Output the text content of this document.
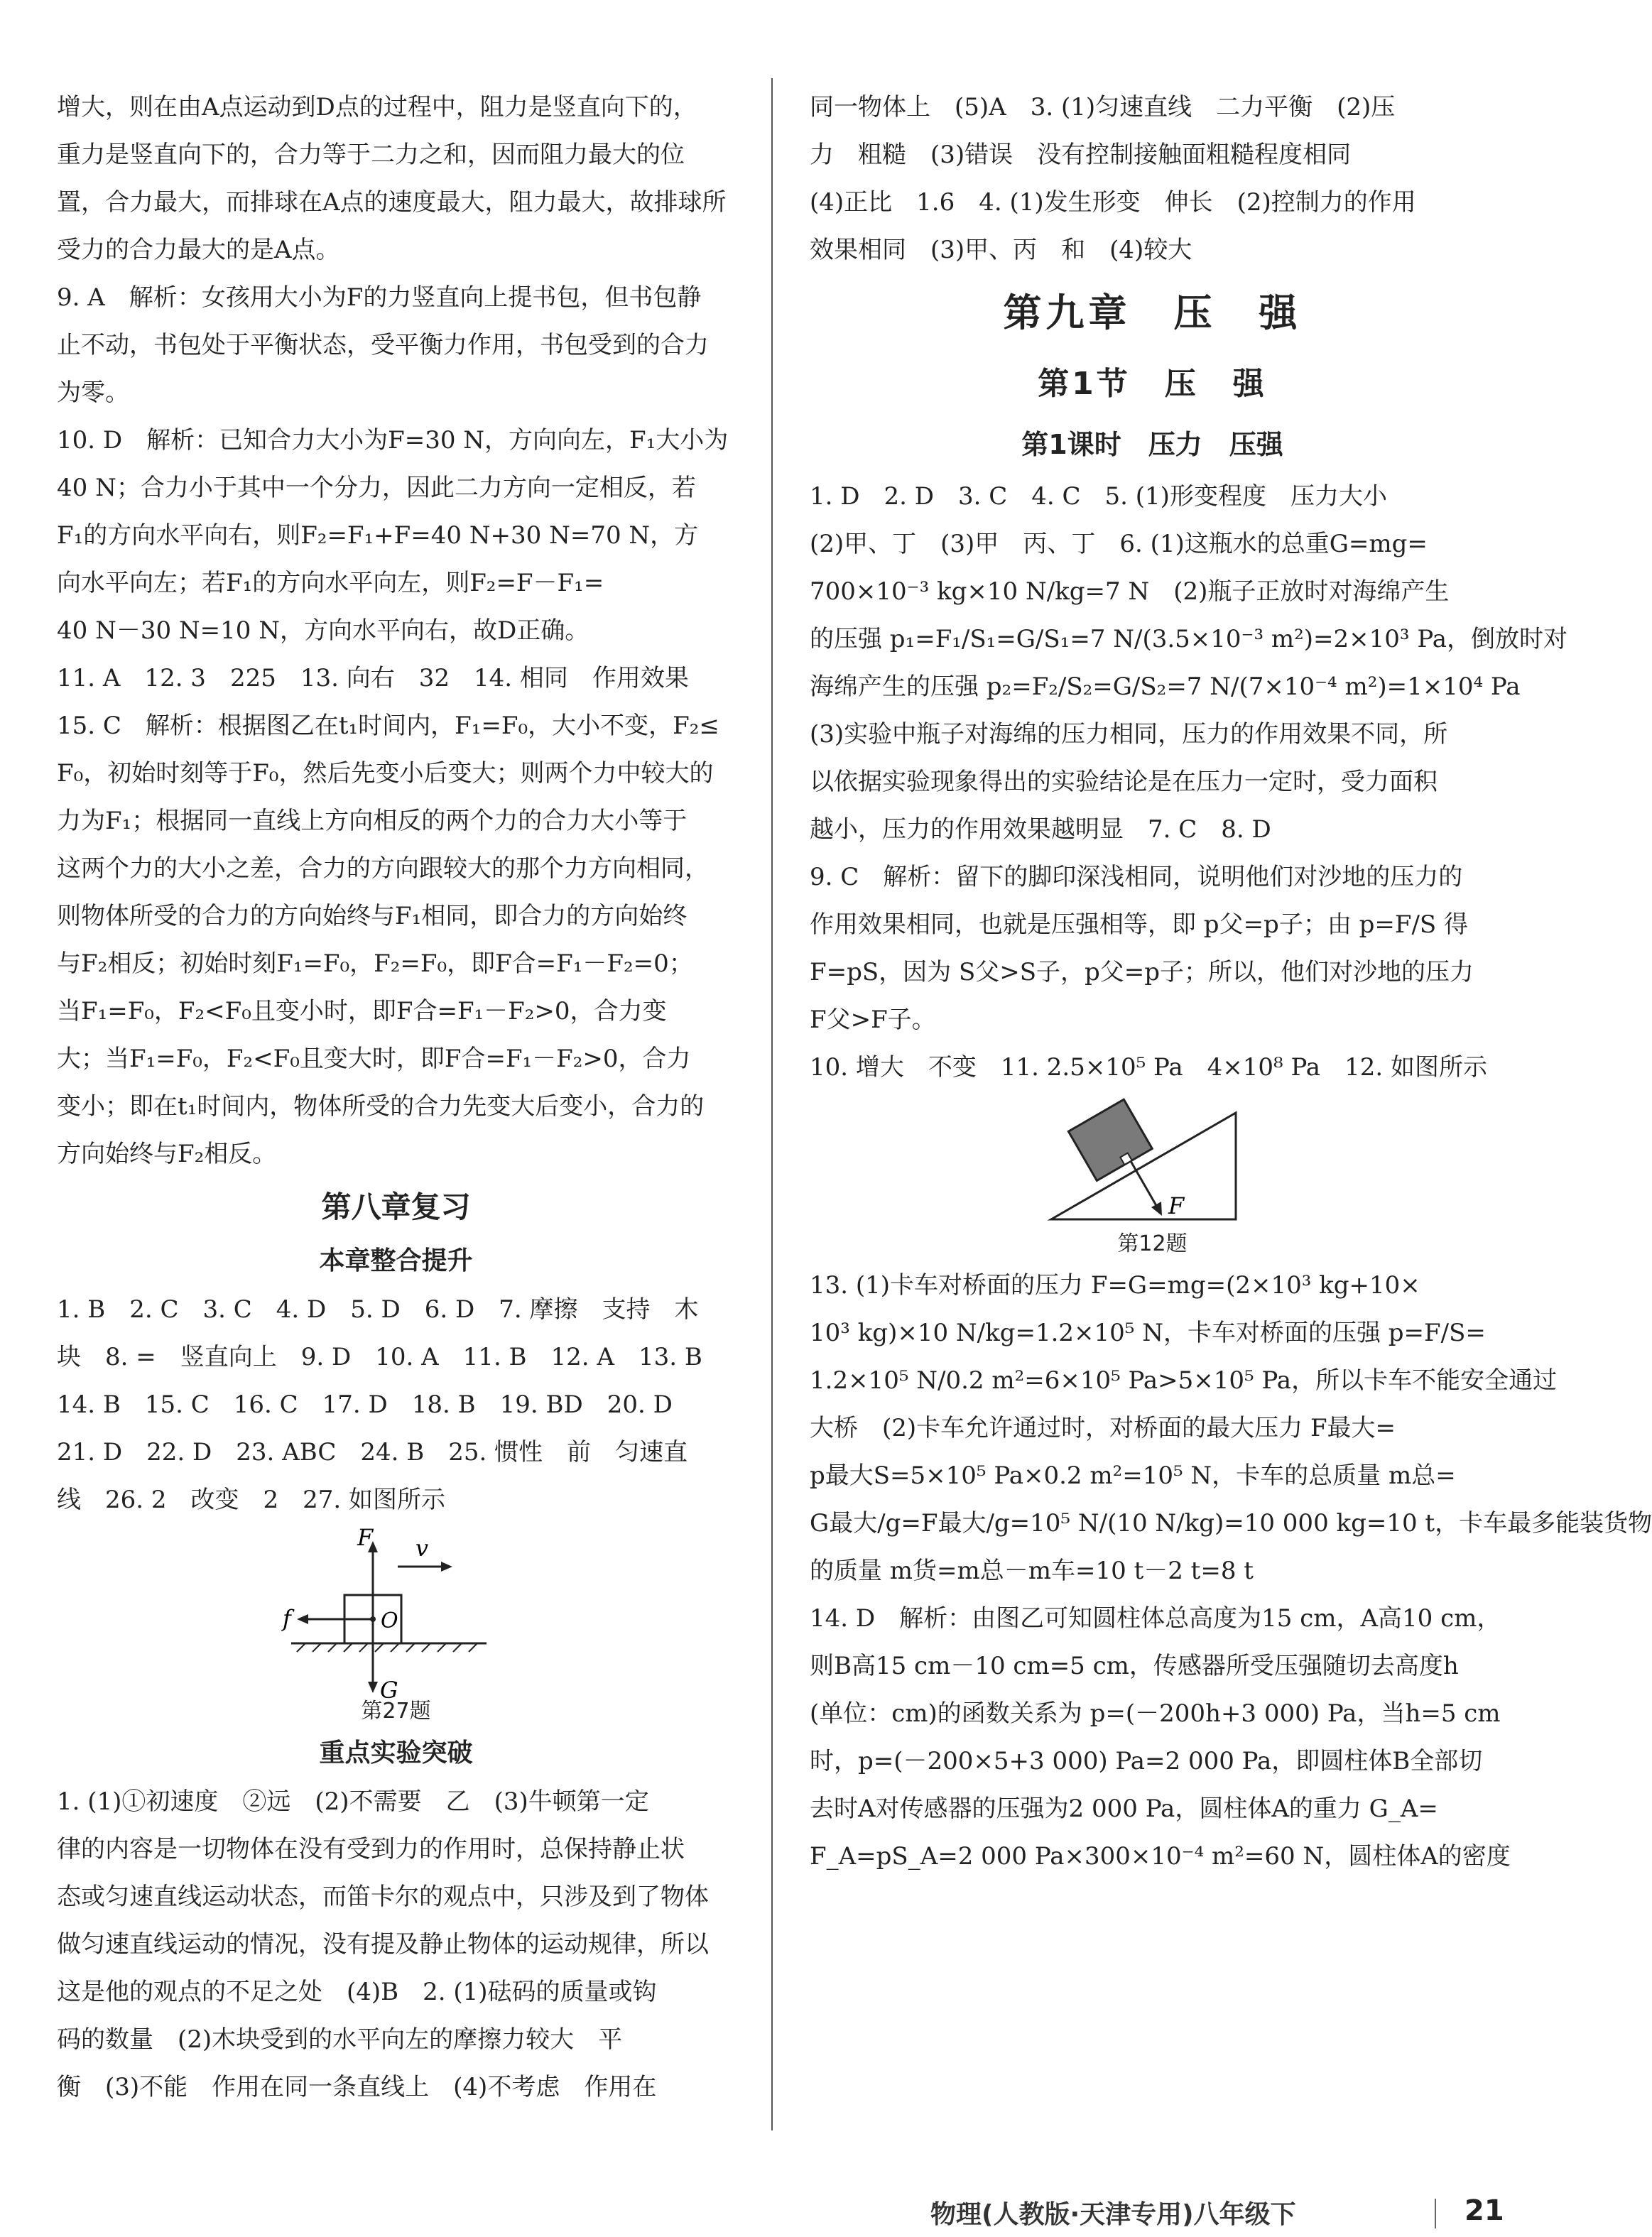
增大，则在由A点运动到D点的过程中，阻力是竖直向下的，
重力是竖直向下的，合力等于二力之和，因而阻力最大的位
置，合力最大，而排球在A点的速度最大，阻力最大，故排球所
受力的合力最大的是A点。
9. A　解析：女孩用大小为F的力竖直向上提书包，但书包静
止不动，书包处于平衡状态，受平衡力作用，书包受到的合力
为零。
10. D　解析：已知合力大小为F=30 N，方向向左，F₁大小为
40 N；合力小于其中一个分力，因此二力方向一定相反，若
F₁的方向水平向右，则F₂=F₁+F=40 N+30 N=70 N，方
向水平向左；若F₁的方向水平向左，则F₂=F－F₁=
40 N－30 N=10 N，方向水平向右，故D正确。
11. A　12. 3　225　13. 向右　32　14. 相同　作用效果
15. C　解析：根据图乙在t₁时间内，F₁=F₀，大小不变，F₂≤
F₀，初始时刻等于F₀，然后先变小后变大；则两个力中较大的
力为F₁；根据同一直线上方向相反的两个力的合力大小等于
这两个力的大小之差，合力的方向跟较大的那个力方向相同，
则物体所受的合力的方向始终与F₁相同，即合力的方向始终
与F₂相反；初始时刻F₁=F₀，F₂=F₀，即F合=F₁－F₂=0；
当F₁=F₀，F₂<F₀且变小时，即F合=F₁－F₂>0，合力变
大；当F₁=F₀，F₂<F₀且变大时，即F合=F₁－F₂>0，合力
变小；即在t₁时间内，物体所受的合力先变大后变小，合力的
方向始终与F₂相反。
第八章复习
本章整合提升
1. B　2. C　3. C　4. D　5. D　6. D　7. 摩擦　支持　木
块　8. =　竖直向上　9. D　10. A　11. B　12. A　13. B
14. B　15. C　16. C　17. D　18. B　19. BD　20. D
21. D　22. D　23. ABC　24. B　25. 惯性　前　匀速直
线　26. 2　改变　2　27. 如图所示
F v
f	O
G
第27题
重点实验突破
1. (1)①初速度　②远　(2)不需要　乙　(3)牛顿第一定
律的内容是一切物体在没有受到力的作用时，总保持静止状
态或匀速直线运动状态，而笛卡尔的观点中，只涉及到了物体
做匀速直线运动的情况，没有提及静止物体的运动规律，所以
这是他的观点的不足之处　(4)B　2. (1)砝码的质量或钩
码的数量　(2)木块受到的水平向左的摩擦力较大　平
衡　(3)不能　作用在同一条直线上　(4)不考虑　作用在
同一物体上　(5)A　3. (1)匀速直线　二力平衡　(2)压
力　粗糙　(3)错误　没有控制接触面粗糙程度相同
(4)正比　1.6　4. (1)发生形变　伸长　(2)控制力的作用
效果相同　(3)甲、丙　和　(4)较大
第九章　压　强
第1节　压　强
第1课时　压力　压强
1. D　2. D　3. C　4. C　5. (1)形变程度　压力大小
(2)甲、丁　(3)甲　丙、丁　6. (1)这瓶水的总重G=mg=
700×10⁻³ kg×10 N/kg=7 N　(2)瓶子正放时对海绵产生
的压强 p₁=F₁/S₁=G/S₁=7 N/(3.5×10⁻³ m²)=2×10³ Pa，倒放时对
海绵产生的压强 p₂=F₂/S₂=G/S₂=7 N/(7×10⁻⁴ m²)=1×10⁴ Pa
(3)实验中瓶子对海绵的压力相同，压力的作用效果不同，所
以依据实验现象得出的实验结论是在压力一定时，受力面积
越小，压力的作用效果越明显　7. C　8. D
9. C　解析：留下的脚印深浅相同，说明他们对沙地的压力的
作用效果相同，也就是压强相等，即 p父=p子；由 p=F/S 得
F=pS，因为 S父>S子，p父=p子；所以，他们对沙地的压力
F父>F子。
10. 增大　不变　11. 2.5×10⁵ Pa　4×10⁸ Pa　12. 如图所示
F
第12题
13. (1)卡车对桥面的压力 F=G=mg=(2×10³ kg+10×
10³ kg)×10 N/kg=1.2×10⁵ N，卡车对桥面的压强 p=F/S=
1.2×10⁵ N/0.2 m²=6×10⁵ Pa>5×10⁵ Pa，所以卡车不能安全通过
大桥　(2)卡车允许通过时，对桥面的最大压力 F最大=
p最大S=5×10⁵ Pa×0.2 m²=10⁵ N，卡车的总质量 m总=
G最大/g=F最大/g=10⁵ N/(10 N/kg)=10 000 kg=10 t，卡车最多能装货物
的质量 m货=m总－m车=10 t－2 t=8 t
14. D　解析：由图乙可知圆柱体总高度为15 cm，A高10 cm，
则B高15 cm－10 cm=5 cm，传感器所受压强随切去高度h
(单位：cm)的函数关系为 p=(－200h+3 000) Pa，当h=5 cm
时，p=(－200×5+3 000) Pa=2 000 Pa，即圆柱体B全部切
去时A对传感器的压强为2 000 Pa，圆柱体A的重力 G_A=
F_A=pS_A=2 000 Pa×300×10⁻⁴ m²=60 N，圆柱体A的密度
物理(人教版·天津专用)八年级下	21
